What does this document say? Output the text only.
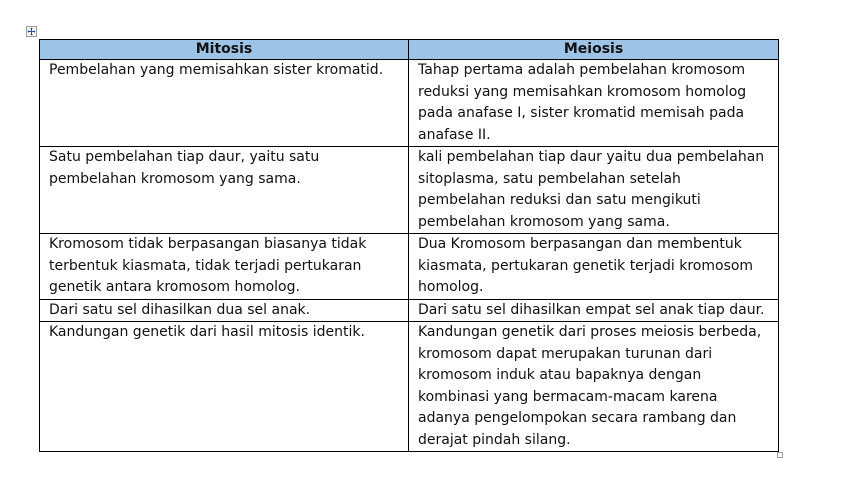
Mitosis	Meiosis
Pembelahan yang memisahkan sister kromatid.	Tahap pertama adalah pembelahan kromosom reduksi yang memisahkan kromosom homolog pada anafase I, sister kromatid memisah pada anafase II.
Satu pembelahan tiap daur, yaitu satu pembelahan kromosom yang sama.	kali pembelahan tiap daur yaitu dua pembelahan sitoplasma, satu pembelahan setelah pembelahan reduksi dan satu mengikuti pembelahan kromosom yang sama.
Kromosom tidak berpasangan biasanya tidak terbentuk kiasmata, tidak terjadi pertukaran genetik antara kromosom homolog.	Dua Kromosom berpasangan dan membentuk kiasmata, pertukaran genetik terjadi kromosom homolog.
Dari satu sel dihasilkan dua sel anak.	Dari satu sel dihasilkan empat sel anak tiap daur.
Kandungan genetik dari hasil mitosis identik.	Kandungan genetik dari proses meiosis berbeda, kromosom dapat merupakan turunan dari kromosom induk atau bapaknya dengan kombinasi yang bermacam-macam karena adanya pengelompokan secara rambang dan derajat pindah silang.
